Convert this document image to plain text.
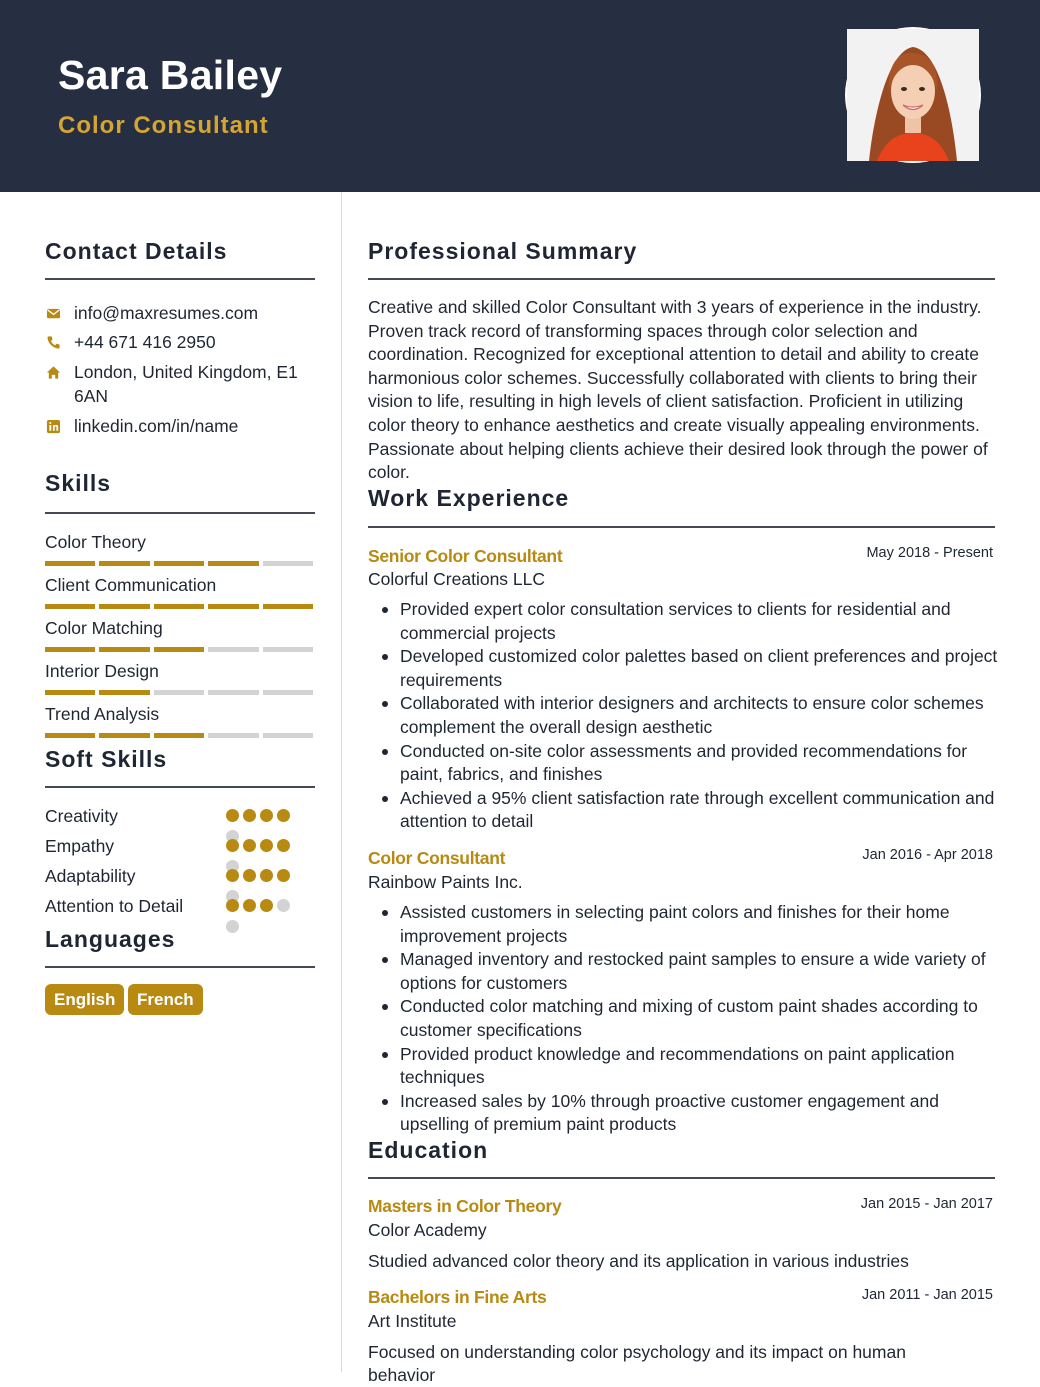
Sara Bailey
Color Consultant
Contact Details
info@maxresumes.com
+44 671 416 2950
London, United Kingdom, E1 6AN
linkedin.com/in/name
Skills
Color Theory
Client Communication
Color Matching
Interior Design
Trend Analysis
Soft Skills
Creativity
Empathy
Adaptability
Attention to Detail
Languages
English	French
Professional Summary
Creative and skilled Color Consultant with 3 years of experience in the industry. Proven track record of transforming spaces through color selection and coordination. Recognized for exceptional attention to detail and ability to create harmonious color schemes. Successfully collaborated with clients to bring their vision to life, resulting in high levels of client satisfaction. Proficient in utilizing color theory to enhance aesthetics and create visually appealing environments. Passionate about helping clients achieve their desired look through the power of color.
Work Experience
Senior Color Consultant	May 2018 - Present
Colorful Creations LLC
Provided expert color consultation services to clients for residential and commercial projects
Developed customized color palettes based on client preferences and project requirements
Collaborated with interior designers and architects to ensure color schemes complement the overall design aesthetic
Conducted on-site color assessments and provided recommendations for paint, fabrics, and finishes
Achieved a 95% client satisfaction rate through excellent communication and attention to detail
Color Consultant	Jan 2016 - Apr 2018
Rainbow Paints Inc.
Assisted customers in selecting paint colors and finishes for their home improvement projects
Managed inventory and restocked paint samples to ensure a wide variety of options for customers
Conducted color matching and mixing of custom paint shades according to customer specifications
Provided product knowledge and recommendations on paint application techniques
Increased sales by 10% through proactive customer engagement and upselling of premium paint products
Education
Masters in Color Theory	Jan 2015 - Jan 2017
Color Academy
Studied advanced color theory and its application in various industries
Bachelors in Fine Arts	Jan 2011 - Jan 2015
Art Institute
Focused on understanding color psychology and its impact on human behavior
